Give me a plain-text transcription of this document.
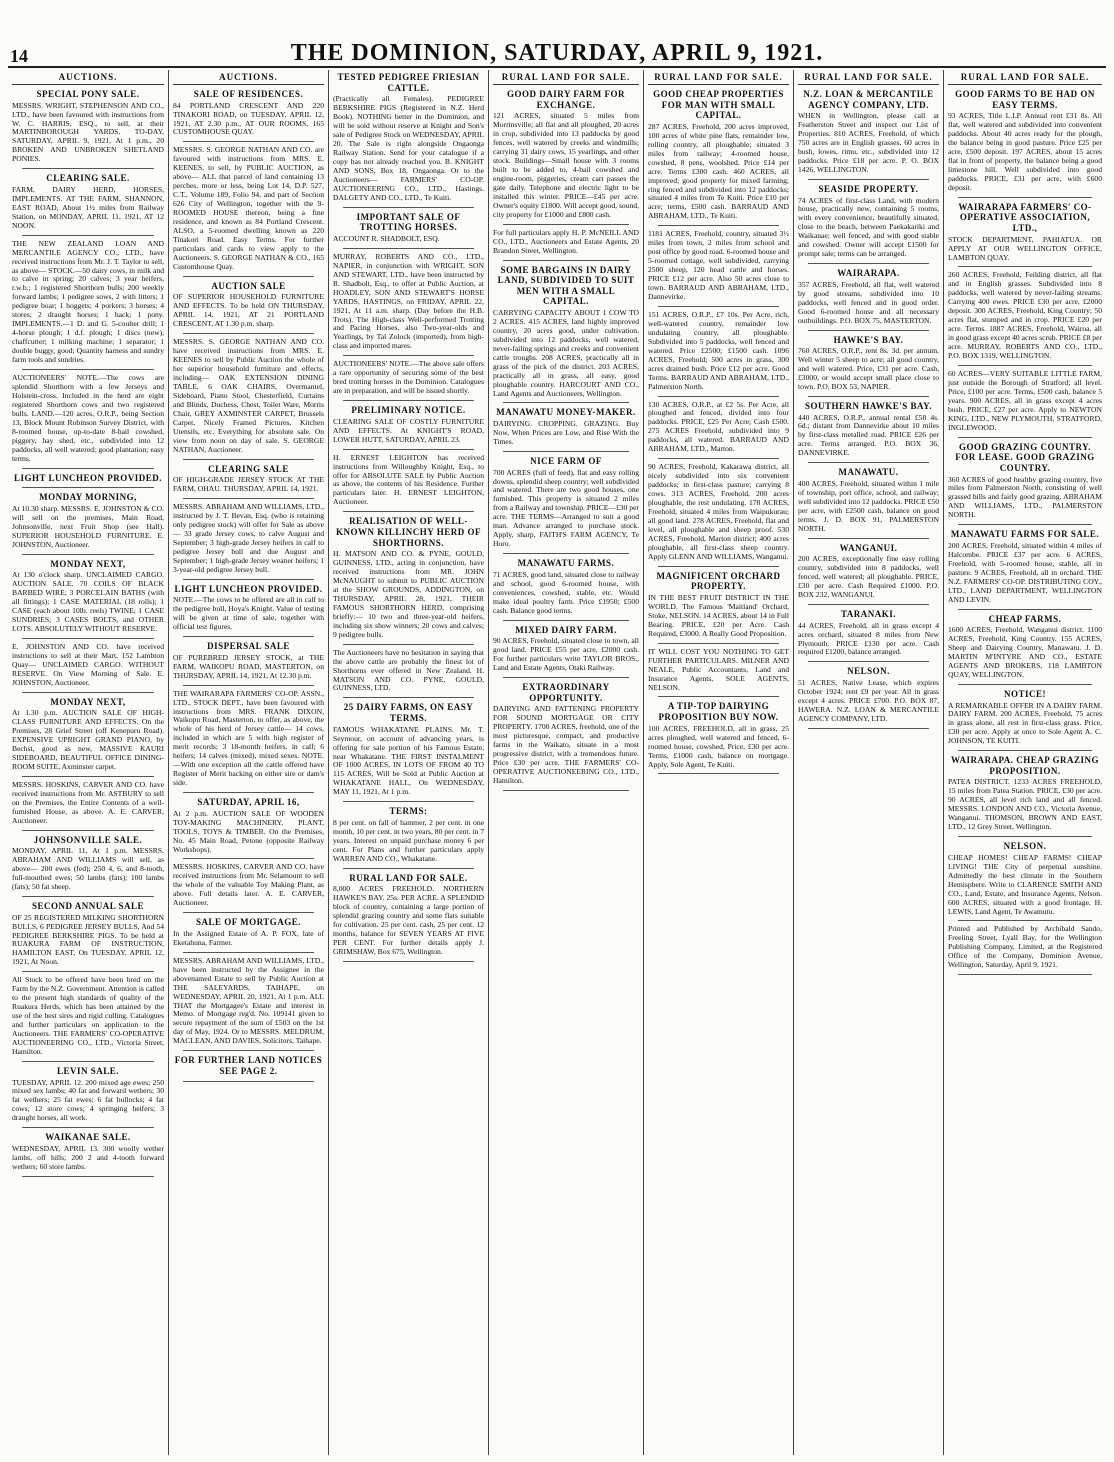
14	THE DOMINION, SATURDAY, APRIL 9, 1921.
AUCTIONS.
SPECIAL PONY SALE.
MESSRS. WRIGHT, STEPHENSON AND CO., LTD., have been favoured with instructions from W. C. HARRIS, ESQ., to sell, at their MARTINBOROUGH YARDS, TO-DAY, SATURDAY, APRIL 9, 1921, At 1 p.m., 20 BROKEN AND UNBROKEN SHETLAND PONIES.
CLEARING SALE.
FARM, DAIRY HERD, HORSES, IMPLEMENTS. AT THE FARM, SHANNON, EAST ROAD, About 1½ miles from Railway Station, on MONDAY, APRIL 11, 1921, AT 12 NOON.
THE NEW ZEALAND LOAN AND MERCANTILE AGENCY CO., LTD., have received instructions from Mr. J. T. Taylor to sell, as above— STOCK.—50 dairy cows, in milk and to calve in spring; 20 calves; 3 year heifers, r.w.b.; 1 registered Shorthorn bulls; 200 weekly forward lambs; 1 pedigree sows, 2 with litters; 1 pedigree boar; 1 hoggets; 4 porkers; 3 horses; 4 stores; 2 draught horses; 1 hack; 1 pony. IMPLEMENTS.—1 D. and G. 5-coulter drill; 1 4-horse plough; 1 d.f. plough; 1 discs (new), chaffcutter; 1 milking machine; 1 separator; 1 double buggy, good; Quantity harness and sundry farm tools and sundries.
AUCTIONEERS' NOTE.—The cows are splendid Shorthorn with a few Jerseys and Holstein-cross. Included in the herd are eight registered Shorthorn cows and two registered bulls. LAND.—120 acres, O.R.P., being Section 13, Block Mount Robinson Survey District, with 8-roomed house, up-to-date 8-bail cowshed, piggery, hay shed, etc., subdivided into 12 paddocks, all well watered; good plantation; easy terms.
LIGHT LUNCHEON PROVIDED.
MONDAY MORNING,
At 10.30 sharp. MESSRS. E. JOHNSTON & CO. will sell on the premises, Main Road, Johnsonville, next Fruit Shop (see Hall). SUPERIOR HOUSEHOLD FURNITURE. E. JOHNSTON, Auctioneer.
MONDAY NEXT,
At 130 o'clock sharp. UNCLAIMED CARGO. AUCTION SALE. 70 COILS OF BLACK BARBED WIRE; 3 PORCELAIN BATHS (with all fittings); 1 CASE MATERIAL (18 rolls); 1 CASE (each about 10lb. reels) TWINE; 1 CASE SUNDRIES; 3 CASES BOLTS, and OTHER LOTS. ABSOLUTELY WITHOUT RESERVE.
E. JOHNSTON AND CO. have received instructions to sell at their Mart, 152 Lambton Quay— UNCLAIMED CARGO. WITHOUT RESERVE. On View Morning of Sale. E. JOHNSTON, Auctioneer.
MONDAY NEXT,
At 1.30 p.m. AUCTION SALE OF HIGH-CLASS FURNITURE AND EFFECTS. On the Premises, 28 Grief Street (off Kenepuru Road). EXPENSIVE UPRIGHT GRAND PIANO, by Bechst, good as new, MASSIVE KAURI SIDEBOARD, BEAUTIFUL OFFICE DINING-ROOM SUITE, Axminster carpet.
MESSRS. HOSKINS, CARVER AND CO. have received instructions from Mr. ASTBURY to sell on the Premises, the Entire Contents of a well-furnished House, as above. A. E. CARVER, Auctioneer.
JOHNSONVILLE SALE.
MONDAY, APRIL 11, At 1 p.m. MESSRS. ABRAHAM AND WILLIAMS will sell, as above— 200 ewes (fed); 250 4, 6, and 8-tooth, full-mouthed ewes; 50 lambs (fats); 100 lambs (fats); 50 fat sheep.
SECOND ANNUAL SALE
OF 25 REGISTERED MILKING SHORTHORN BULLS, 6 PEDIGREE JERSEY BULLS, And 54 PEDIGREE BERKSHIRE PIGS. To be held at RUAKURA FARM OF INSTRUCTION, HAMILTON EAST, On TUESDAY, APRIL 12, 1921, At Noon.
All Stock to be offered have been bred on the Farm by the N.Z. Government. Attention is called to the present high standards of quality of the Ruakura Herds, which has been attained by the use of the best sires and rigid culling. Catalogues and further particulars on application to the Auctioneers. THE FARMERS' CO-OPERATIVE AUCTIONEERING CO., LTD., Victoria Street, Hamilton.
LEVIN SALE.
TUESDAY, APRIL 12. 200 mixed age ewes; 250 mixed sex lambs; 40 fat and forward wethers; 30 fat wethers; 25 fat ewes; 6 fat bullocks; 4 fat cows; 12 store cows; 4 springing heifers; 3 draught horses, all work.
WAIKANAE SALE.
WEDNESDAY, APRIL 13. 300 woolly wether lambs, off hills; 200 2 and 4-tooth forward wethers; 60 store lambs.
AUCTIONS.
SALE OF RESIDENCES.
84 PORTLAND CRESCENT AND 220 TINAKORI ROAD, on TUESDAY, APRIL 12, 1921, AT 2.30 p.m., AT OUR ROOMS, 165 CUSTOMHOUSE QUAY.
MESSRS. S. GEORGE NATHAN AND CO. are favoured with instructions from MRS. E. KEENES, to sell, by PUBLIC AUCTION, as above— ALL that parcel of land containing 13 perches, more or less, being Lot 14, D.P. 527, C.T., Volume 189, Folio 94, and part of Section 626 City of Wellington, together with the 9-ROOMED HOUSE thereon, being a fine residence, and known as 84 Portland Crescent. ALSO, a 5-roomed dwelling known as 220 Tinakori Road. Easy Terms. For further particulars and cards to view apply to the Auctioneers. S. GEORGE NATHAN & CO., 165 Customhouse Quay.
AUCTION SALE
OF SUPERIOR HOUSEHOLD FURNITURE AND EFFECTS. To be held ON THURSDAY, APRIL 14, 1921, AT 21 PORTLAND CRESCENT, AT 1.30 p.m. sharp.
MESSRS. S. GEORGE NATHAN AND CO. have received instructions from MRS. E. KEENES to sell by Public Auction the whole of her superior household furniture and effects, including— OAK EXTENSION DINING TABLE, 6 OAK CHAIRS, Overmantel, Sideboard, Piano Stool, Chesterfield, Curtains and Blinds, Duchess, Chest, Toilet Ware, Morris Chair, GREY AXMINSTER CARPET, Brussels Carpet, Nicely Framed Pictures, Kitchen Utensils, etc. Everything for absolute sale. On view from noon on day of sale. S. GEORGE NATHAN, Auctioneer.
CLEARING SALE
OF HIGH-GRADE JERSEY STOCK AT THE FARM, OHAU. THURSDAY, APRIL 14, 1921.
MESSRS. ABRAHAM AND WILLIAMS, LTD., instructed by J. T. Bevan, Esq. (who is retaining only pedigree stock) will offer for Sale as above— 33 grade Jersey cows, to calve August and September; 3 high-grade Jersey heifers in calf to pedigree Jersey bull and due August and September; 1 high-grade Jersey weaner heifers; 1 3-year-old pedigree Jersey bull.
LIGHT LUNCHEON PROVIDED.
NOTE.—The cows to be offered are all in calf to the pedigree bull, Hoya's Knight. Value of testing will be given at time of sale, together with official test figures.
DISPERSAL SALE
OF PUREBRED JERSEY STOCK, at THE FARM, WAIKOPU ROAD, MASTERTON, on THURSDAY, APRIL 14, 1921, At 12.30 p.m.
THE WAIRARAPA FARMERS' CO-OP. ASSN., LTD., STOCK DEPT., have been favoured with instructions from MRS. FRANK DIXON, Waikopu Road, Masterton, to offer, as above, the whole of his herd of Jersey cattle— 14 cows, included in which are 5 with high register of merit records; 3 18-month heifers, in calf; 6 heifers; 14 calves (mixed), mixed sexes. NOTE.—With one exception all the cattle offered have Register of Merit backing on either sire or dam's side.
SATURDAY, APRIL 16,
At 2 p.m. AUCTION SALE OF WOODEN TOY-MAKING MACHINERY, PLANT, TOOLS, TOYS & TIMBER. On the Premises, No. 45 Main Road, Petone (opposite Railway Workshops).
MESSRS. HOSKINS, CARVER AND CO. have received instructions from Mr. Selamount to sell the whole of the valuable Toy Making Plant, as above. Full details later. A. E. CARVER, Auctioneer.
SALE OF MORTGAGE.
In the Assigned Estate of A. P. FOX, late of Eketahuna, Farmer.
MESSRS. ABRAHAM AND WILLIAMS, LTD., have been instructed by the Assignee in the abovenamed Estate to sell by Public Auction at THE SALEYARDS, TAIHAPE, on WEDNESDAY, APRIL 20, 1921, At 1 p.m. ALL THAT the Mortgagee's Estate and interest in Memo. of Mortgage reg'd. No. 109141 given to secure repayment of the sum of £503 on the 1st day of May, 1924. Or to MESSRS. MELDRUM, MACLEAN, AND DAVIES, Solicitors, Taihape.
FOR FURTHER LAND NOTICES SEE PAGE 2.
TESTED PEDIGREE FRIESIAN CATTLE.
(Practically all Females). PEDIGREE BERKSHIRE PIGS (Registered in N.Z. Herd Book). NOTHING better in the Dominion, and will be sold without reserve at Knight and Son's sale of Pedigree Stock on WEDNESDAY, APRIL 20. The Sale is right alongside Ongaonga Railway Station. Send for your catalogue if a copy has not already reached you. B. KNIGHT AND SONS, Box 18, Ongaonga. Or to the Auctioneers— FARMERS' CO-OP. AUCTIONEERING CO., LTD., Hastings. DALGETY AND CO., LTD., Te Kuiti.
IMPORTANT SALE OF TROTTING HORSES.
ACCOUNT R. SHADBOLT, ESQ.
MURRAY, ROBERTS AND CO., LTD., NAPIER, in conjunction with WRIGHT, SON AND STEWART, LTD., have been instructed by R. Shadbolt, Esq., to offer at Public Auction, at HOADLEY, SON AND STEWART'S HORSE YARDS, HASTINGS, on FRIDAY, APRIL 22, 1921, At 11 a.m. sharp. (Day before the H.B. Trots). The High-class Well-performed Trotting and Pacing Horses, also Two-year-olds and Yearlings, by Tal Zolock (imported), from high-class and imported mares.
AUCTIONEERS' NOTE.—The above sale offers a rare opportunity of securing some of the best bred trotting horses in the Dominion. Catalogues are in preparation, and will be issued shortly.
PRELIMINARY NOTICE.
CLEARING SALE OF COSTLY FURNITURE AND EFFECTS. At KNIGHT'S ROAD, LOWER HUTT, SATURDAY, APRIL 23.
H. ERNEST LEIGHTON has received instructions from Willoughby Knight, Esq., to offer for ABSOLUTE SALE by Public Auction as above, the contents of his Residence. Further particulars later. H. ERNEST LEIGHTON, Auctioneer.
REALISATION OF WELL-KNOWN KILLINCHY HERD OF SHORTHORNS.
H. MATSON AND CO. & PYNE, GOULD, GUINNESS, LTD., acting in conjunction, have received instructions from MR. JOHN McNAUGHT to submit to PUBLIC AUCTION at the SHOW GROUNDS, ADDINGTON, on THURSDAY, APRIL 28, 1921, THEIR FAMOUS SHORTHORN HERD, comprising briefly:— 10 two and three-year-old heifers, including six show winners; 20 cows and calves; 9 pedigree bulls.
The Auctioneers have no hesitation in saying that the above cattle are probably the finest lot of Shorthorns ever offered in New Zealand. H. MATSON AND CO. PYNE, GOULD, GUINNESS, LTD.
25 DAIRY FARMS, ON EASY TERMS.
FAMOUS WHAKATANE PLAINS. Mr. T. Seymour, on account of advancing years, is offering for sale portion of his Famous Estate, near Whakatane. THE FIRST INSTALMENT OF 1000 ACRES, IN LOTS OF FROM 40 TO 115 ACRES, Will be Sold at Public Auction at WHAKATANE HALL, On WEDNESDAY, MAY 11, 1921, At 1 p.m.
TERMS:
8 per cent. on fall of hammer, 2 per cent. in one month, 10 per cent. in two years, 80 per cent. in 7 years. Interest on unpaid purchase money 6 per cent. For Plans and further particulars apply WARREN AND CO., Whakatane.
RURAL LAND FOR SALE.
8,000 ACRES FREEHOLD. NORTHERN HAWKE'S BAY. 25s. PER ACRE. A SPLENDID block of country, containing a large portion of splendid grazing country and some flats suitable for cultivation. 25 per cent. cash, 25 per cent. 12 months, balance for SEVEN YEARS AT FIVE PER CENT. For further details apply J. GRIMSHAW, Box 675, Wellington.
RURAL LAND FOR SALE.
GOOD DAIRY FARM FOR EXCHANGE.
121 ACRES, situated 5 miles from Morrinsville; all flat and all ploughed, 20 acres in crop, subdivided into 13 paddocks by good fences, well watered by creeks and windmills; carrying 31 dairy cows, 15 yearlings, and other stock. Buildings—Small house with 3 rooms built to be added to, 4-bail cowshed and engine-room, piggeries, cream cart passes the gate daily. Telephone and electric light to be installed this winter. PRICE—£45 per acre. Owner's equity £1800. Will accept good, sound, city property for £1000 and £800 cash.
For full particulars apply H. P. McNEILL AND CO., LTD., Auctioneers and Estate Agents, 20 Brandon Street, Wellington.
SOME BARGAINS IN DAIRY LAND, SUBDIVIDED TO SUIT MEN WITH A SMALL CAPITAL.
CARRYING CAPACITY ABOUT 1 COW TO 2 ACRES. 415 ACRES, land highly improved country, 20 acres good, under cultivation, subdivided into 12 paddocks, well watered, never-failing springs and creeks and convenient cattle troughs. 208 ACRES, practically all in grass of the pick of the district. 203 ACRES, practically all in grass, all easy, good ploughable country. HARCOURT AND CO., Land Agents and Auctioneers, Wellington.
MANAWATU MONEY-MAKER.
DAIRYING. CROPPING. GRAZING. Buy Now, When Prices are Low, and Rise With the Times.
NICE FARM OF
700 ACRES (full of feed), flat and easy rolling downs, splendid sheep country; well subdivided and watered. There are two good houses, one furnished. This property is situated 2 miles from a Railway and township. PRICE—£30 per acre. THE TERMS—Arranged to suit a good man. Advance arranged to purchase stock. Apply, sharp, FAITH'S FARM AGENCY, Te Horo.
MANAWATU FARMS.
71 ACRES, good land, situated close to railway and school, good 6-roomed house, with conveniences, cowshed, stable, etc. Would make ideal poultry farm. Price £1950; £500 cash. Balance good terms.
MIXED DAIRY FARM.
90 ACRES, Freehold, situated close to town, all good land. PRICE £55 per acre, £2000 cash. For further particulars write TAYLOR BROS., Land and Estate Agents, Otaki Railway.
EXTRAORDINARY OPPORTUNITY.
DAIRYING AND FATTENING PROPERTY FOR SOUND MORTGAGE OR CITY PROPERTY. 1700 ACRES, freehold, one of the most picturesque, compact, and productive farms in the Waikato, situate in a most progressive district, with a tremendous future. Price £30 per acre. THE FARMERS' CO-OPERATIVE AUCTIONEERING CO., LTD., Hamilton.
RURAL LAND FOR SALE.
GOOD CHEAP PROPERTIES FOR MAN WITH SMALL CAPITAL.
287 ACRES, Freehold, 200 acres improved, 100 acres of white pine flats, remainder low, rolling country, all ploughable; situated 3 miles from railway; 4-roomed house, cowshed, 8 pens, woolshed. Price £14 per acre. Terms £300 cash. 460 ACRES, all improved; good property for mixed farming; ring fenced and subdivided into 12 paddocks; situated 4 miles from Te Kuiti. Price £10 per acre; terms, £500 cash. BARRAUD AND ABRAHAM, LTD., Te Kuiti.
1181 ACRES, Freehold, country, situated 3½ miles from town, 2 miles from school and post office by good road. 6-roomed house and 5-roomed cottage, well subdivided, carrying 2500 sheep, 120 head cattle and horses. PRICE £12 per acre. Also 50 acres close to town. BARRAUD AND ABRAHAM, LTD., Dannevirke.
151 ACRES, O.R.P., £7 10s. Per Acre, rich, well-watered country, remainder low undulating country, all ploughable. Subdivided into 5 paddocks, well fenced and watered. Price £2500; £1500 cash. 1096 ACRES, Freehold; 500 acres in grass, 300 acres drained bush. Price £12 per acre. Good Terms. BARRAUD AND ABRAHAM, LTD., Palmerston North.
130 ACRES, O.R.P., at £2 5s. Per Acre, all ploughed and fenced, divided into four paddocks. PRICE, £25 Per Acre; Cash £500. 275 ACRES Freehold, subdivided into 9 paddocks, all watered. BARRAUD AND ABRAHAM, LTD., Marton.
90 ACRES, Freehold, Kakarawa district, all nicely subdivided into six convenient paddocks; in first-class pasture; carrying 8 cows. 313 ACRES, Freehold, 200 acres ploughable, the rest undulating. 178 ACRES, Freehold, situated 4 miles from Waipukurau; all good land. 278 ACRES, Freehold, flat and level, all ploughable and sheep proof. 530 ACRES, Freehold, Marton district; 400 acres ploughable, all first-class sheep country. Apply GLENN AND WILLIAMS, Wanganui.
MAGNIFICENT ORCHARD PROPERTY.
IN THE BEST FRUIT DISTRICT IN THE WORLD. The Famous 'Maitland' Orchard, Stoke, NELSON. 14 ACRES, about 14 in Full Bearing. PRICE, £20 per Acre. Cash Required, £3000. A Really Good Proposition.
IT WILL COST YOU NOTHING TO GET FURTHER PARTICULARS. MILNER AND NEALE, Public Accountants, Land and Insurance Agents, SOLE AGENTS, NELSON.
A TIP-TOP DAIRYING PROPOSITION BUY NOW.
100 ACRES, FREEHOLD, all in grass, 25 acres ploughed, well watered and fenced, 6-roomed house, cowshed, Price, £30 per acre. Terms, £1000 cash, balance on mortgage. Apply, Sole Agent, Te Kuiti.
RURAL LAND FOR SALE.
N.Z. LOAN & MERCANTILE AGENCY COMPANY, LTD.
WHEN in Wellington, please call at Featherston Street and inspect our List of Properties. 810 ACRES, Freehold, of which 750 acres are in English grasses, 60 acres in bush, lowes, rimu, etc., subdivided into 12 paddocks. Price £18 per acre. P. O. BOX 1426, WELLINGTON.
SEASIDE PROPERTY.
74 ACRES of first-class Land, with modern house, practically new, containing 5 rooms, with every convenience, beautifully situated, close to the beach, between Paekakariki and Waikanae; well fenced, and with good stable and cowshed. Owner will accept £1500 for prompt sale; terms can be arranged.
WAIRARAPA.
357 ACRES, Freehold, all flat, well watered by good streams, subdivided into 10 paddocks, well fenced and in good order. Good 6-roomed house and all necessary outbuildings. P.O. BOX 75, MASTERTON.
HAWKE'S BAY.
760 ACRES, O.R.P., rent 8s. 3d. per annum. Well winter 5 sheep to acre; all good country, and well watered. Price, £31 per acre. Cash, £3000, or would accept small place close to town. P.O. BOX 53, NAPIER.
SOUTHERN HAWKE'S BAY.
440 ACRES, O.R.P., annual rental £58 4s. 6d.; distant from Dannevirke about 10 miles by first-class metalled road. PRICE £26 per acre. Terms arranged. P.O. BOX 36, DANNEVIRKE.
MANAWATU.
400 ACRES, Freehold, situated within 1 mile of township, port office, school, and railway; well subdivided into 12 paddocks. PRICE £50 per acre, with £2500 cash, balance on good terms. J. D. BOX 91, PALMERSTON NORTH.
WANGANUI.
200 ACRES, exceptionally fine easy rolling country, subdivided into 8 paddocks, well fenced, well watered; all ploughable. PRICE, £30 per acre. Cash Required £1000. P.O. BOX 232, WANGANUI.
TARANAKI.
44 ACRES, Freehold, all in grass except 4 acres orchard, situated 8 miles from New Plymouth. PRICE £130 per acre. Cash required £1200, balance arranged.
NELSON.
51 ACRES, Native Lease, which expires October 1924; rent £9 per year. All in grass except 4 acres. PRICE £700. P.O. BOX 87, HAWERA. N.Z. LOAN & MERCANTILE AGENCY COMPANY, LTD.
RURAL LAND FOR SALE.
GOOD FARMS TO BE HAD ON EASY TERMS.
93 ACRES, Title L.I.P. Annual rent £31 8s. All flat, well watered and subdivided into convenient paddocks. About 40 acres ready for the plough, the balance being in good pasture. Price £25 per acre, £500 deposit. 197 ACRES, about 15 acres flat in front of property, the balance being a good limestone hill. Well subdivided into good paddocks. PRICE, £31 per acre, with £600 deposit.
WAIRARAPA FARMERS' CO-OPERATIVE ASSOCIATION, LTD.,
STOCK DEPARTMENT, PAHIATUA. OR APPLY AT OUR WELLINGTON OFFICE, LAMBTON QUAY.
260 ACRES, Freehold, Feilding district, all flat and in English grasses. Subdivided into 8 paddocks, well watered by never-failing streams. Carrying 400 ewes. PRICE £30 per acre, £2000 deposit. 300 ACRES, Freehold, King Country; 50 acres flat, stumped and in crop. PRICE £20 per acre. Terms. 1887 ACRES, Freehold, Wairoa, all in good grass except 40 acres scrub. PRICE £8 per acre. MURRAY, ROBERTS AND CO., LTD., P.O. BOX 1319, WELLINGTON.
60 ACRES—VERY SUITABLE LITTLE FARM, just outside the Borough of Stratford; all level. Price, £100 per acre. Terms, £500 cash, balance 5 years. 900 ACRES, all in grass except 4 acres bush. PRICE, £27 per acre. Apply to NEWTON KING, LTD., NEW PLYMOUTH, STRATFORD, INGLEWOOD.
GOOD GRAZING COUNTRY. FOR LEASE. GOOD GRAZING COUNTRY.
360 ACRES of good healthy grazing country, five miles from Palmerston North, consisting of well grassed hills and fairly good grazing. ABRAHAM AND WILLIAMS, LTD., PALMERSTON NORTH.
MANAWATU FARMS FOR SALE.
200 ACRES, Freehold, situated within 4 miles of Halcombe. PRICE £37 per acre. 6 ACRES, Freehold, with 5-roomed house, stable, all in pasture. 9 ACRES, Freehold, all in orchard. THE N.Z. FARMERS' CO-OP. DISTRIBUTING COY., LTD., LAND DEPARTMENT, WELLINGTON AND LEVIN.
CHEAP FARMS.
1600 ACRES, Freehold, Wanganui district. 1100 ACRES, Freehold, King Country. 155 ACRES, Sheep and Dairying Country, Manawatu. J. D. MARTIN M'INTYRE AND CO., ESTATE AGENTS AND BROKERS, 118 LAMBTON QUAY, WELLINGTON.
NOTICE!
A REMARKABLE OFFER IN A DAIRY FARM. DAIRY FARM. 200 ACRES, Freehold, 75 acres in grass alone, all rest in first-class grass. Price, £30 per acre. Apply at once to Sole Agent A. C. JOHNSON, TE KUITI.
WAIRARAPA. CHEAP GRAZING PROPOSITION.
PATEA DISTRICT. 1233 ACRES FREEHOLD, 15 miles from Patea Station. PRICE, £30 per acre. 90 ACRES, all level rich land and all fenced. MESSRS. LONDON AND CO., Victoria Avenue, Wanganui. THOMSON, BROWN AND EAST, LTD., 12 Grey Street, Wellington.
NELSON.
CHEAP HOMES! CHEAP FARMS! CHEAP LIVING! THE City of perpetual sunshine. Admittedly the best climate in the Southern Hemisphere. Write to CLARENCE SMITH AND CO., Land, Estate, and Insurance Agents, Nelson. 600 ACRES, situated with a good frontage. H. LEWIS, Land Agent, Te Awamutu.
Printed and Published by Archibald Sando, Freeling Street, Lyall Bay, for the Wellington Publishing Company, Limited, at the Registered Office of the Company, Dominion Avenue, Wellington, Saturday, April 9, 1921.
